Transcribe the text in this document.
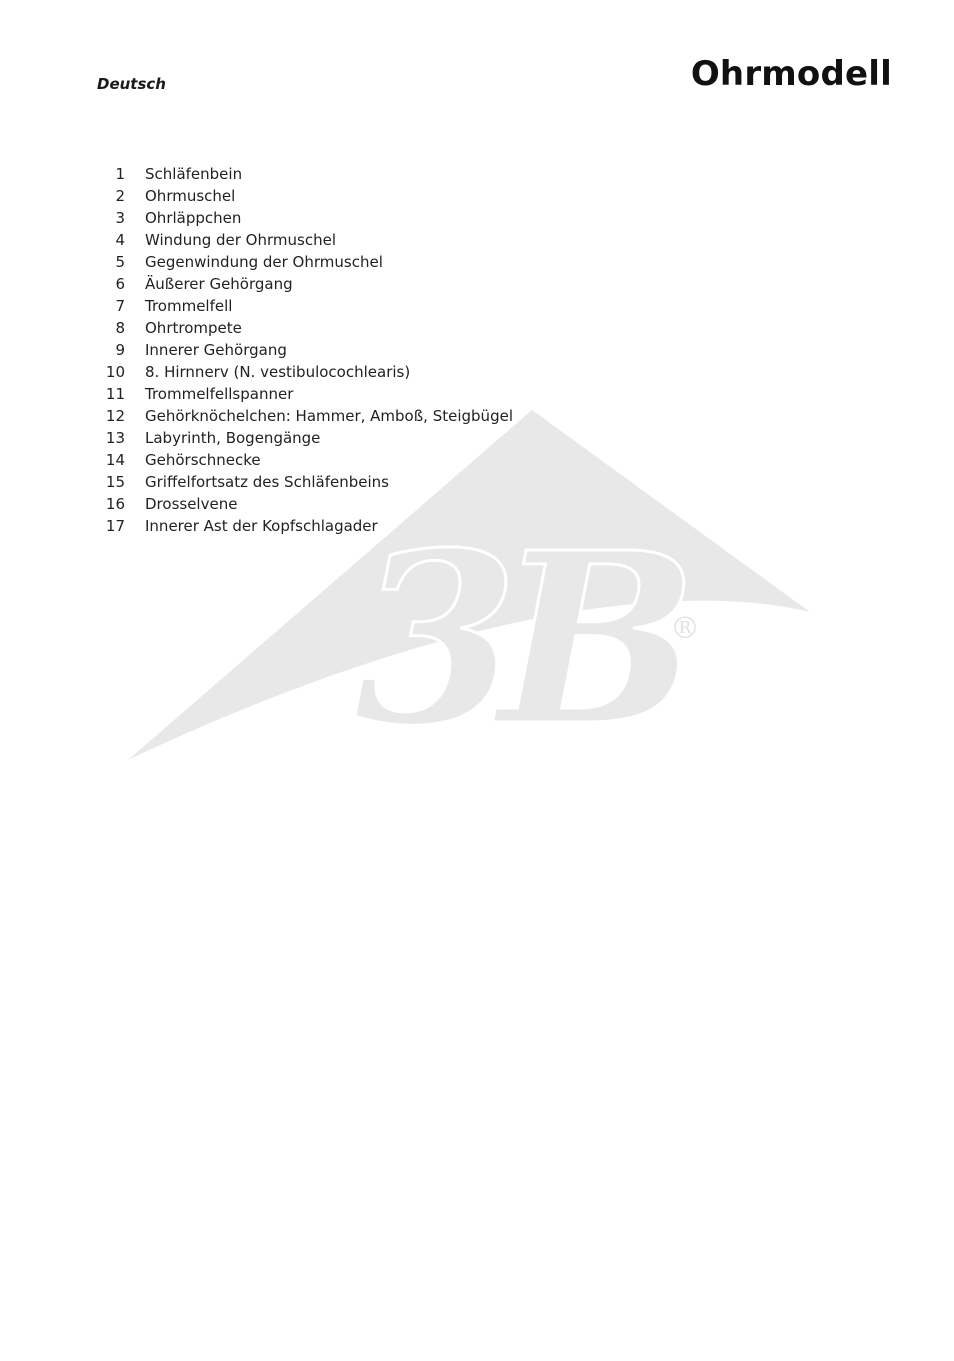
Deutsch	Ohrmodell
3B
®
1 Schläfenbein
2 Ohrmuschel
3 Ohrläppchen
4 Windung der Ohrmuschel
5 Gegenwindung der Ohrmuschel
6 Äußerer Gehörgang
7 Trommelfell
8 Ohrtrompete
9 Innerer Gehörgang
10 8. Hirnnerv (N. vestibulocochlearis)
11 Trommelfellspanner
12 Gehörknöchelchen: Hammer, Amboß, Steigbügel
13 Labyrinth, Bogengänge
14 Gehörschnecke
15 Griffelfortsatz des Schläfenbeins
16 Drosselvene
17 Innerer Ast der Kopfschlagader
